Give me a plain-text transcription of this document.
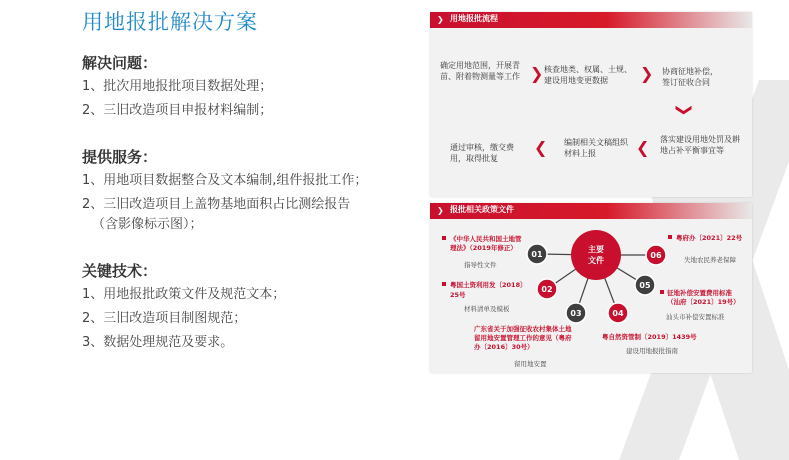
用地报批解决方案
解决问题：
1、批次用地报批项目数据处理；
2、三旧改造项目申报材料编制；
提供服务：
1、用地项目数据整合及文本编制,组件报批工作；
2、三旧改造项目上盖物基地面积占比测绘报告
（含影像标示图）；
关键技术：
1、用地报批政策文件及规范文本；
2、三旧改造项目制图规范；
3、数据处理规范及要求。
❯ 用地报批流程
确定用地范围，开展青苗、附着物测量等工作 ❯ 核查地类、权属、土规、建设用地变更数据	❯ 协商征地补偿，签订征收合同
❯
落实建设用地处罚及耕地占补平衡事宜等
❮
编制相关文稿组织材料上报
❮
通过审核，缴交费用，取得批复
❯ 报批相关政策文件
主要
文件
01
02
03	04
05
06
《中华人民共和国土地管
理法》（2019年修正）
指导性文件
粤国土资利用发〔2018〕
25号
材料清单及模板
广东省关于加强征收农村集体土地
留用地安置管理工作的意见（粤府
办〔2016〕30号）
留用地安置
粤自然资管制〔2019〕1439号
建设用地报批指南
征地补偿安置费用标准
（汕府〔2021〕19号）
汕头市补偿安置标准
粤府办〔2021〕22号
失地农民养老保障
